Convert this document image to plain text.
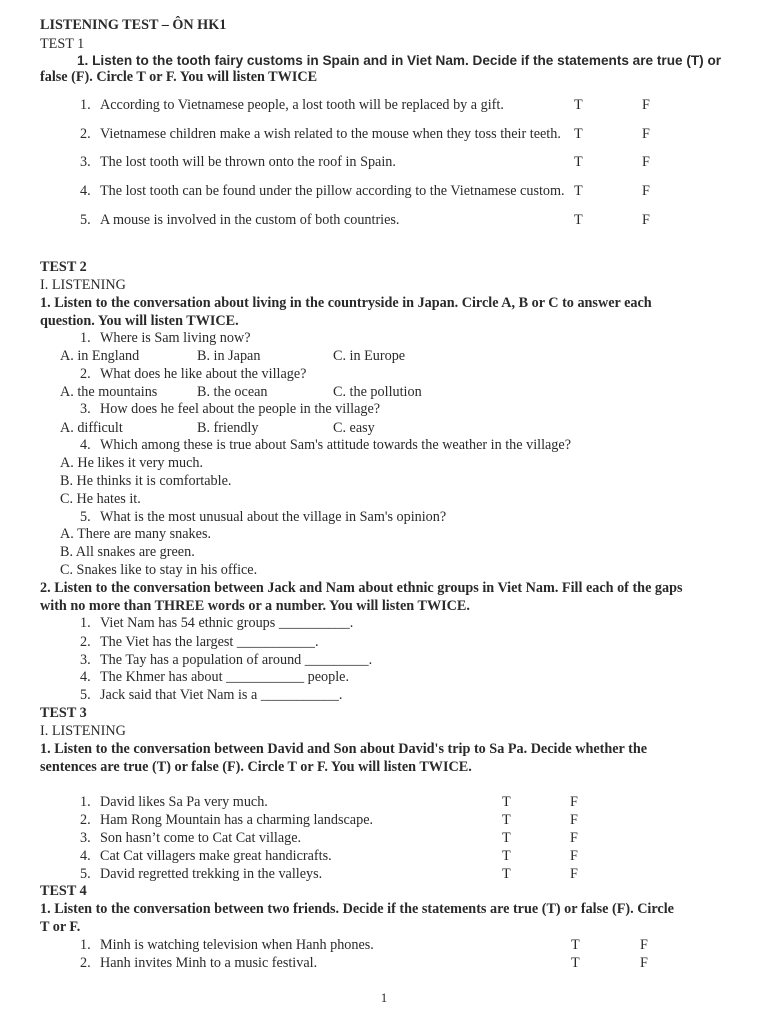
LISTENING TEST – ÔN HK1
TEST 1
1. Listen to the tooth fairy customs in Spain and in Viet Nam. Decide if the statements are true (T) or
false (F). Circle T or F. You will listen TWICE
1. According to Vietnamese people, a lost tooth will be replaced by a gift.	T	F
2. Vietnamese children make a wish related to the mouse when they toss their teeth. T	F
3. The lost tooth will be thrown onto the roof in Spain.	T	F
4. The lost tooth can be found under the pillow according to the Vietnamese custom. T	F
5. A mouse is involved in the custom of both countries.	T	F
TEST 2
I. LISTENING
1. Listen to the conversation about living in the countryside in Japan. Circle A, B or C to answer each
question. You will listen TWICE.
1. Where is Sam living now?
A. in England	B. in Japan	C. in Europe
2. What does he like about the village?
A. the mountains	B. the ocean	C. the pollution
3. How does he feel about the people in the village?
A. difficult	B. friendly	C. easy
4. Which among these is true about Sam's attitude towards the weather in the village?
A. He likes it very much.
B. He thinks it is comfortable.
C. He hates it.
5. What is the most unusual about the village in Sam's opinion?
A. There are many snakes.
B. All snakes are green.
C. Snakes like to stay in his office.
2. Listen to the conversation between Jack and Nam about ethnic groups in Viet Nam. Fill each of the gaps
with no more than THREE words or a number. You will listen TWICE.
1. Viet Nam has 54 ethnic groups __________.
2. The Viet has the largest ___________.
3. The Tay has a population of around _________.
4. The Khmer has about ___________ people.
5. Jack said that Viet Nam is a ___________.
TEST 3
I. LISTENING
1. Listen to the conversation between David and Son about David's trip to Sa Pa. Decide whether the
sentences are true (T) or false (F). Circle T or F. You will listen TWICE.
1. David likes Sa Pa very much.	T	F
2. Ham Rong Mountain has a charming landscape.	T	F
3. Son hasn’t come to Cat Cat village.	T	F
4. Cat Cat villagers make great handicrafts.	T	F
5. David regretted trekking in the valleys.	T	F
TEST 4
1. Listen to the conversation between two friends. Decide if the statements are true (T) or false (F). Circle
T or F.
1. Minh is watching television when Hanh phones.	T	F
2. Hanh invites Minh to a music festival.	T	F
1
